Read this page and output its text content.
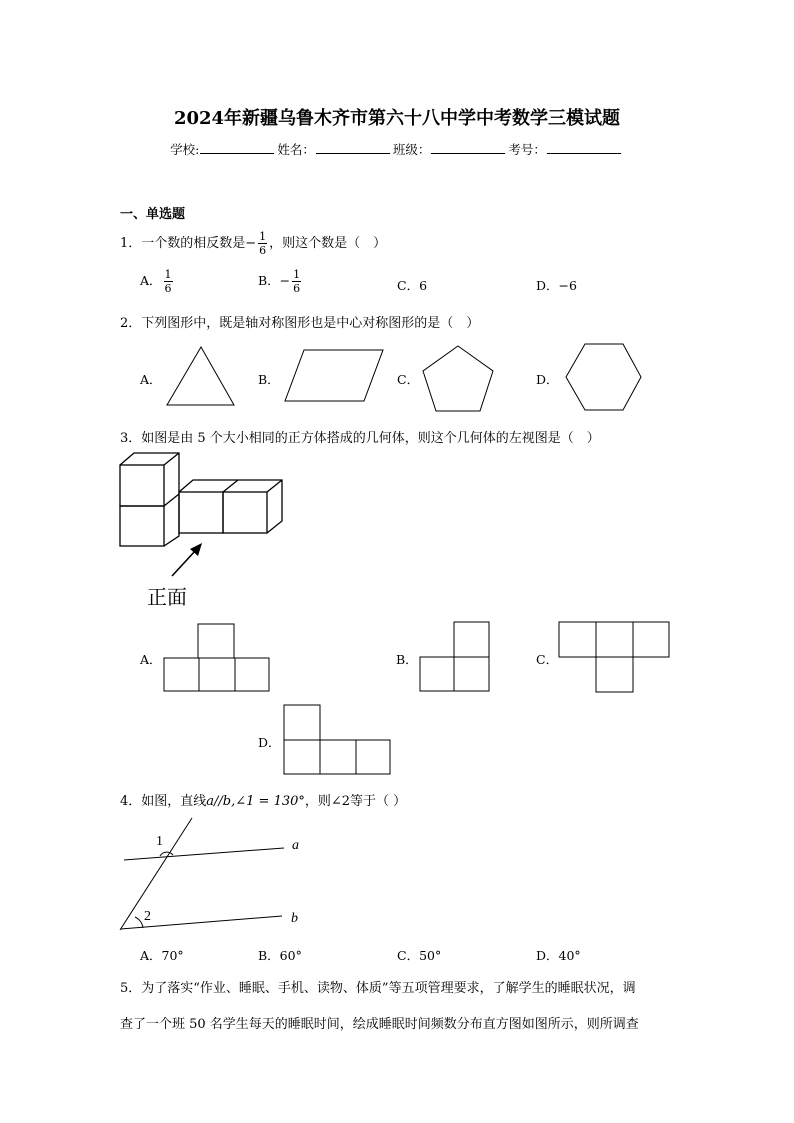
2024年新疆乌鲁木齐市第六十八中学中考数学三模试题
学校:	姓名：	班级：	考号：
一、单选题
1．一个数的相反数是− $\frac{1}{6}$ ，则这个数是（　）
A． $\frac{1}{6}$	B．− $\frac{1}{6}$	C．6	D．−6
2．下列图形中，既是轴对称图形也是中心对称图形的是（　）
A．	B．	C．	D．
3．如图是由 5 个大小相同的正方体搭成的几何体，则这个几何体的左视图是（　）
正面
A．	B．	C．
D．
4．如图，直线a//b,∠1 = 130°，则∠2等于（ ）
1
2
a
b
A．70°	B．60°	C．50°	D．40°
5．为了落实“作业、睡眠、手机、读物、体质”等五项管理要求，了解学生的睡眠状况，调
查了一个班 50 名学生每天的睡眠时间，绘成睡眠时间频数分布直方图如图所示，则所调查
